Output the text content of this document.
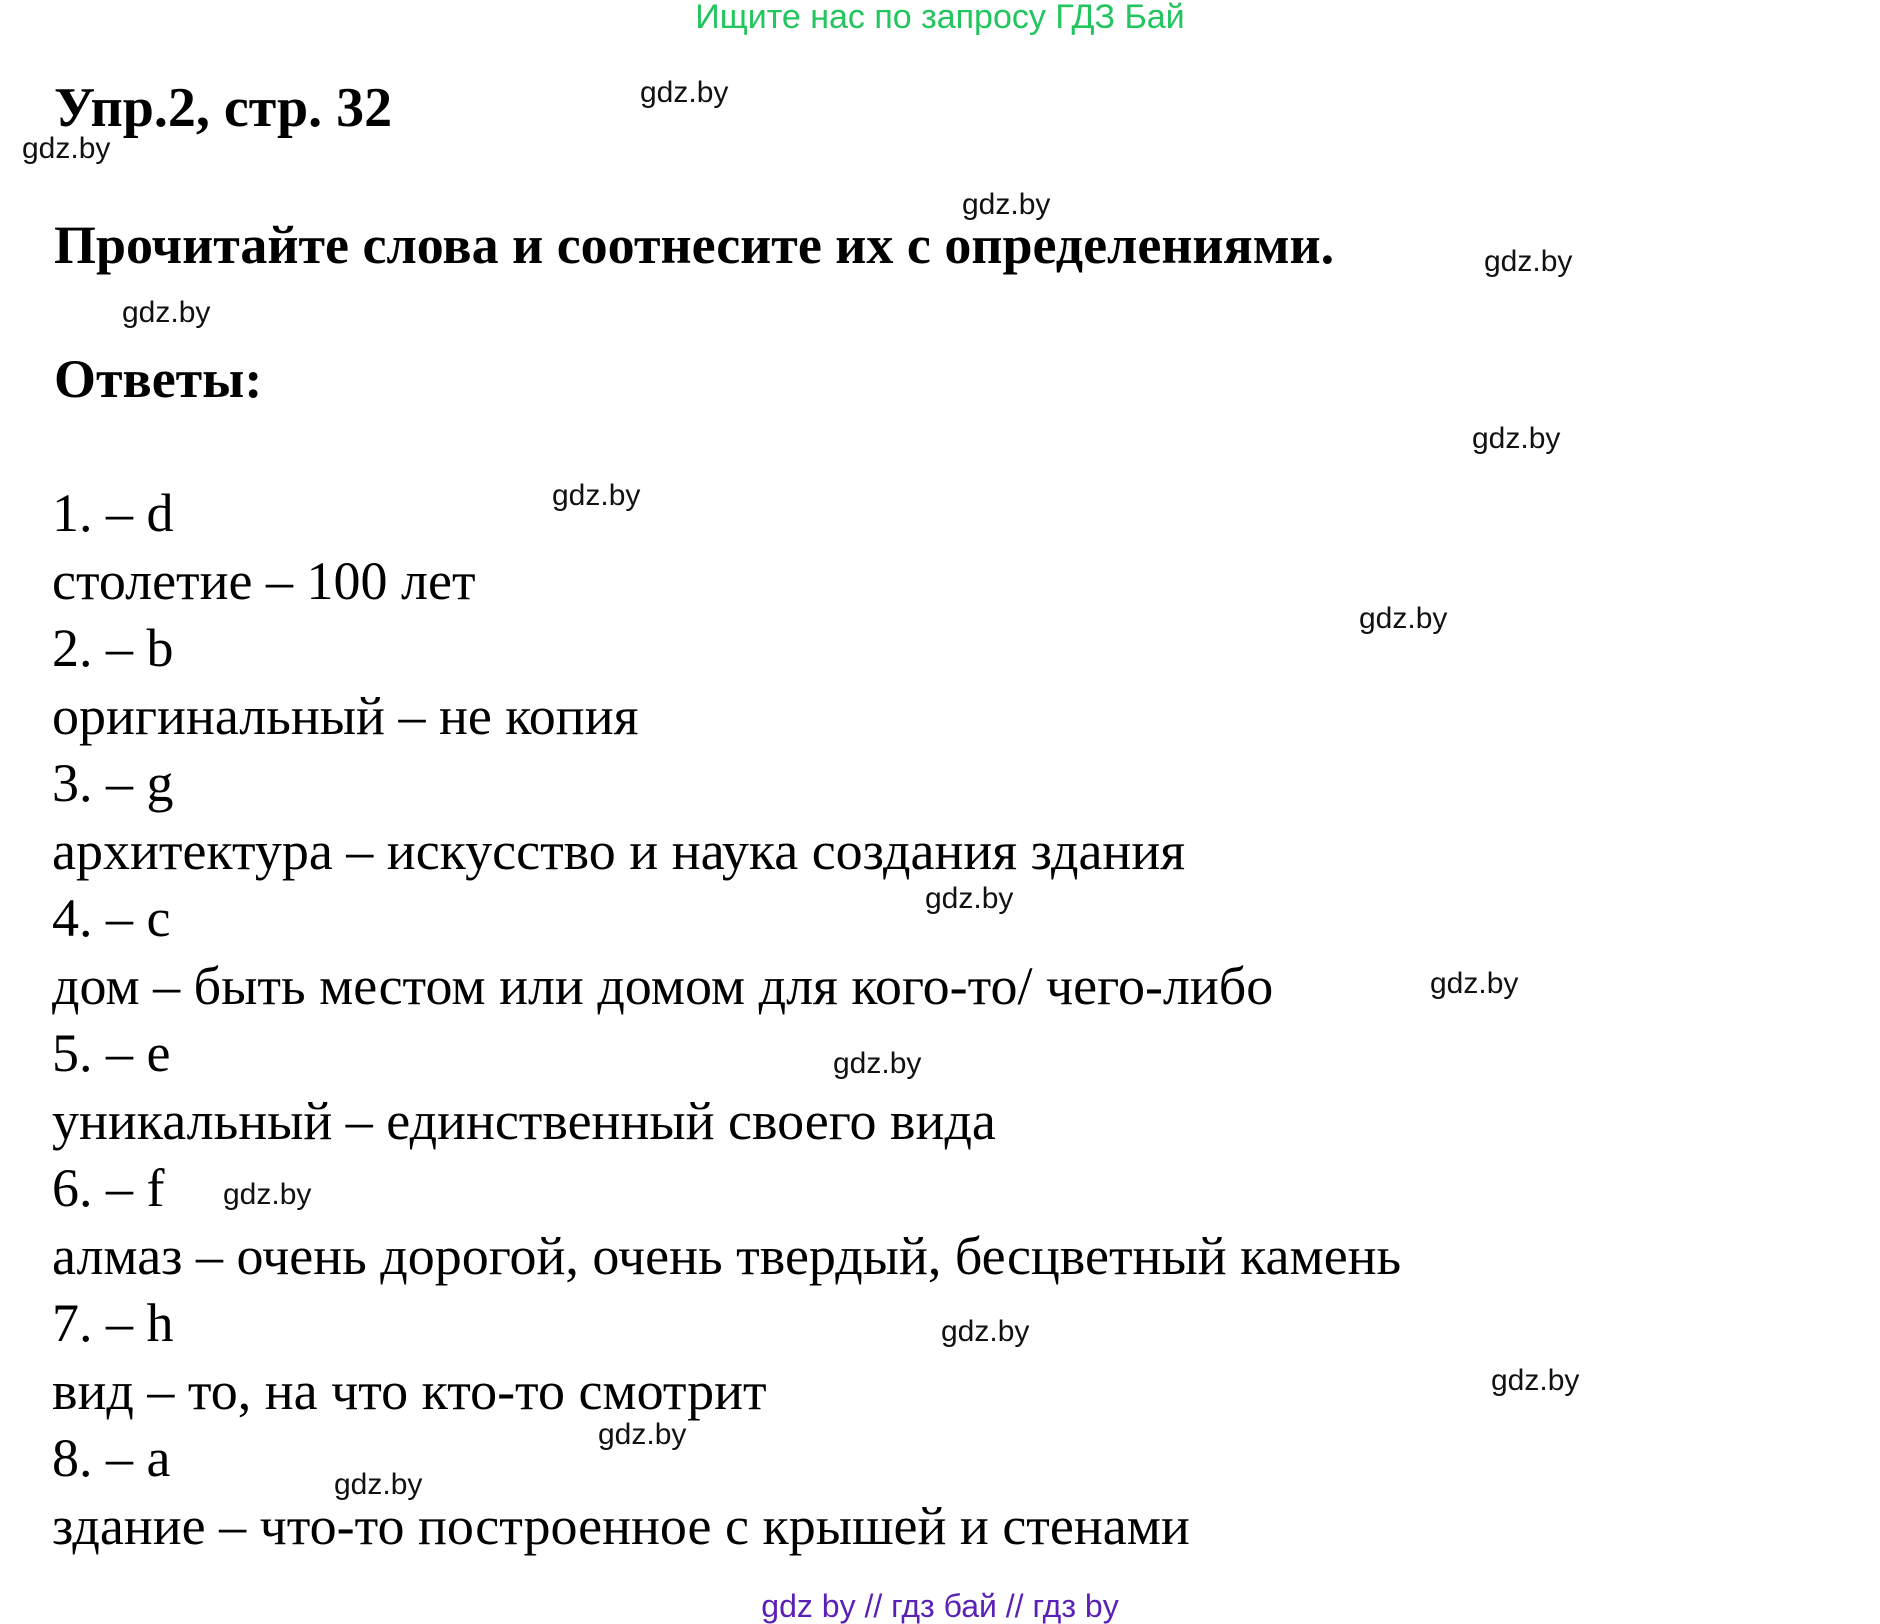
Ищите нас по запросу ГДЗ Бай
Упр.2, стр. 32
Прочитайте слова и соотнесите их с определениями.
Ответы:
1. – d
столетие – 100 лет
2. – b
оригинальный – не копия
3. – g
архитектура – искусство и наука создания здания
4. – c
дом – быть местом или домом для кого-то/ чего-либо
5. – e
уникальный – единственный своего вида
6. – f
алмаз – очень дорогой, очень твердый, бесцветный камень
7. – h
вид – то, на что кто-то смотрит
8. – a
здание – что-то построенное с крышей и стенами
gdz.by
gdz.by
gdz.by
gdz.by
gdz.by
gdz.by
gdz.by
gdz.by
gdz.by
gdz.by
gdz.by
gdz.by
gdz.by
gdz.by
gdz.by
gdz.by
gdz by // гдз бай // гдз by
